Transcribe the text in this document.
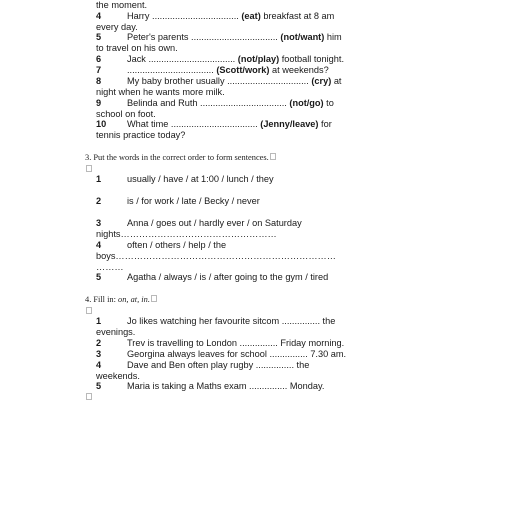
the moment.
4	Harry .................................. (eat) breakfast at 8 am
every day.
5	Peter's parents .................................. (not/want) him
to travel on his own.
6	Jack .................................. (not/play) football tonight.
7	.................................. (Scott/work) at weekends?
8	My baby brother usually ................................ (cry) at
night when he wants more milk.
9	Belinda and Ruth .................................. (not/go) to
school on foot.
10 What time .................................. (Jenny/leave) for
tennis practice today?
3. Put the words in the correct order to form sentences.
1	usually / have / at 1:00 / lunch / they
2	is / for work / late / Becky / never
3	Anna / goes out / hardly ever / on Saturday
nights……………………………………………
4	often / others / help / the
boys………………………………………………………………
………
5	Agatha / always / is / after going to the gym / tired
4. Fill in: on, at, in.
1	Jo likes watching her favourite sitcom ............... the
evenings.
2	Trev is travelling to London ............... Friday morning.
3	Georgina always leaves for school ............... 7.30 am.
4	Dave and Ben often play rugby ............... the
weekends.
5	Maria is taking a Maths exam ............... Monday.
